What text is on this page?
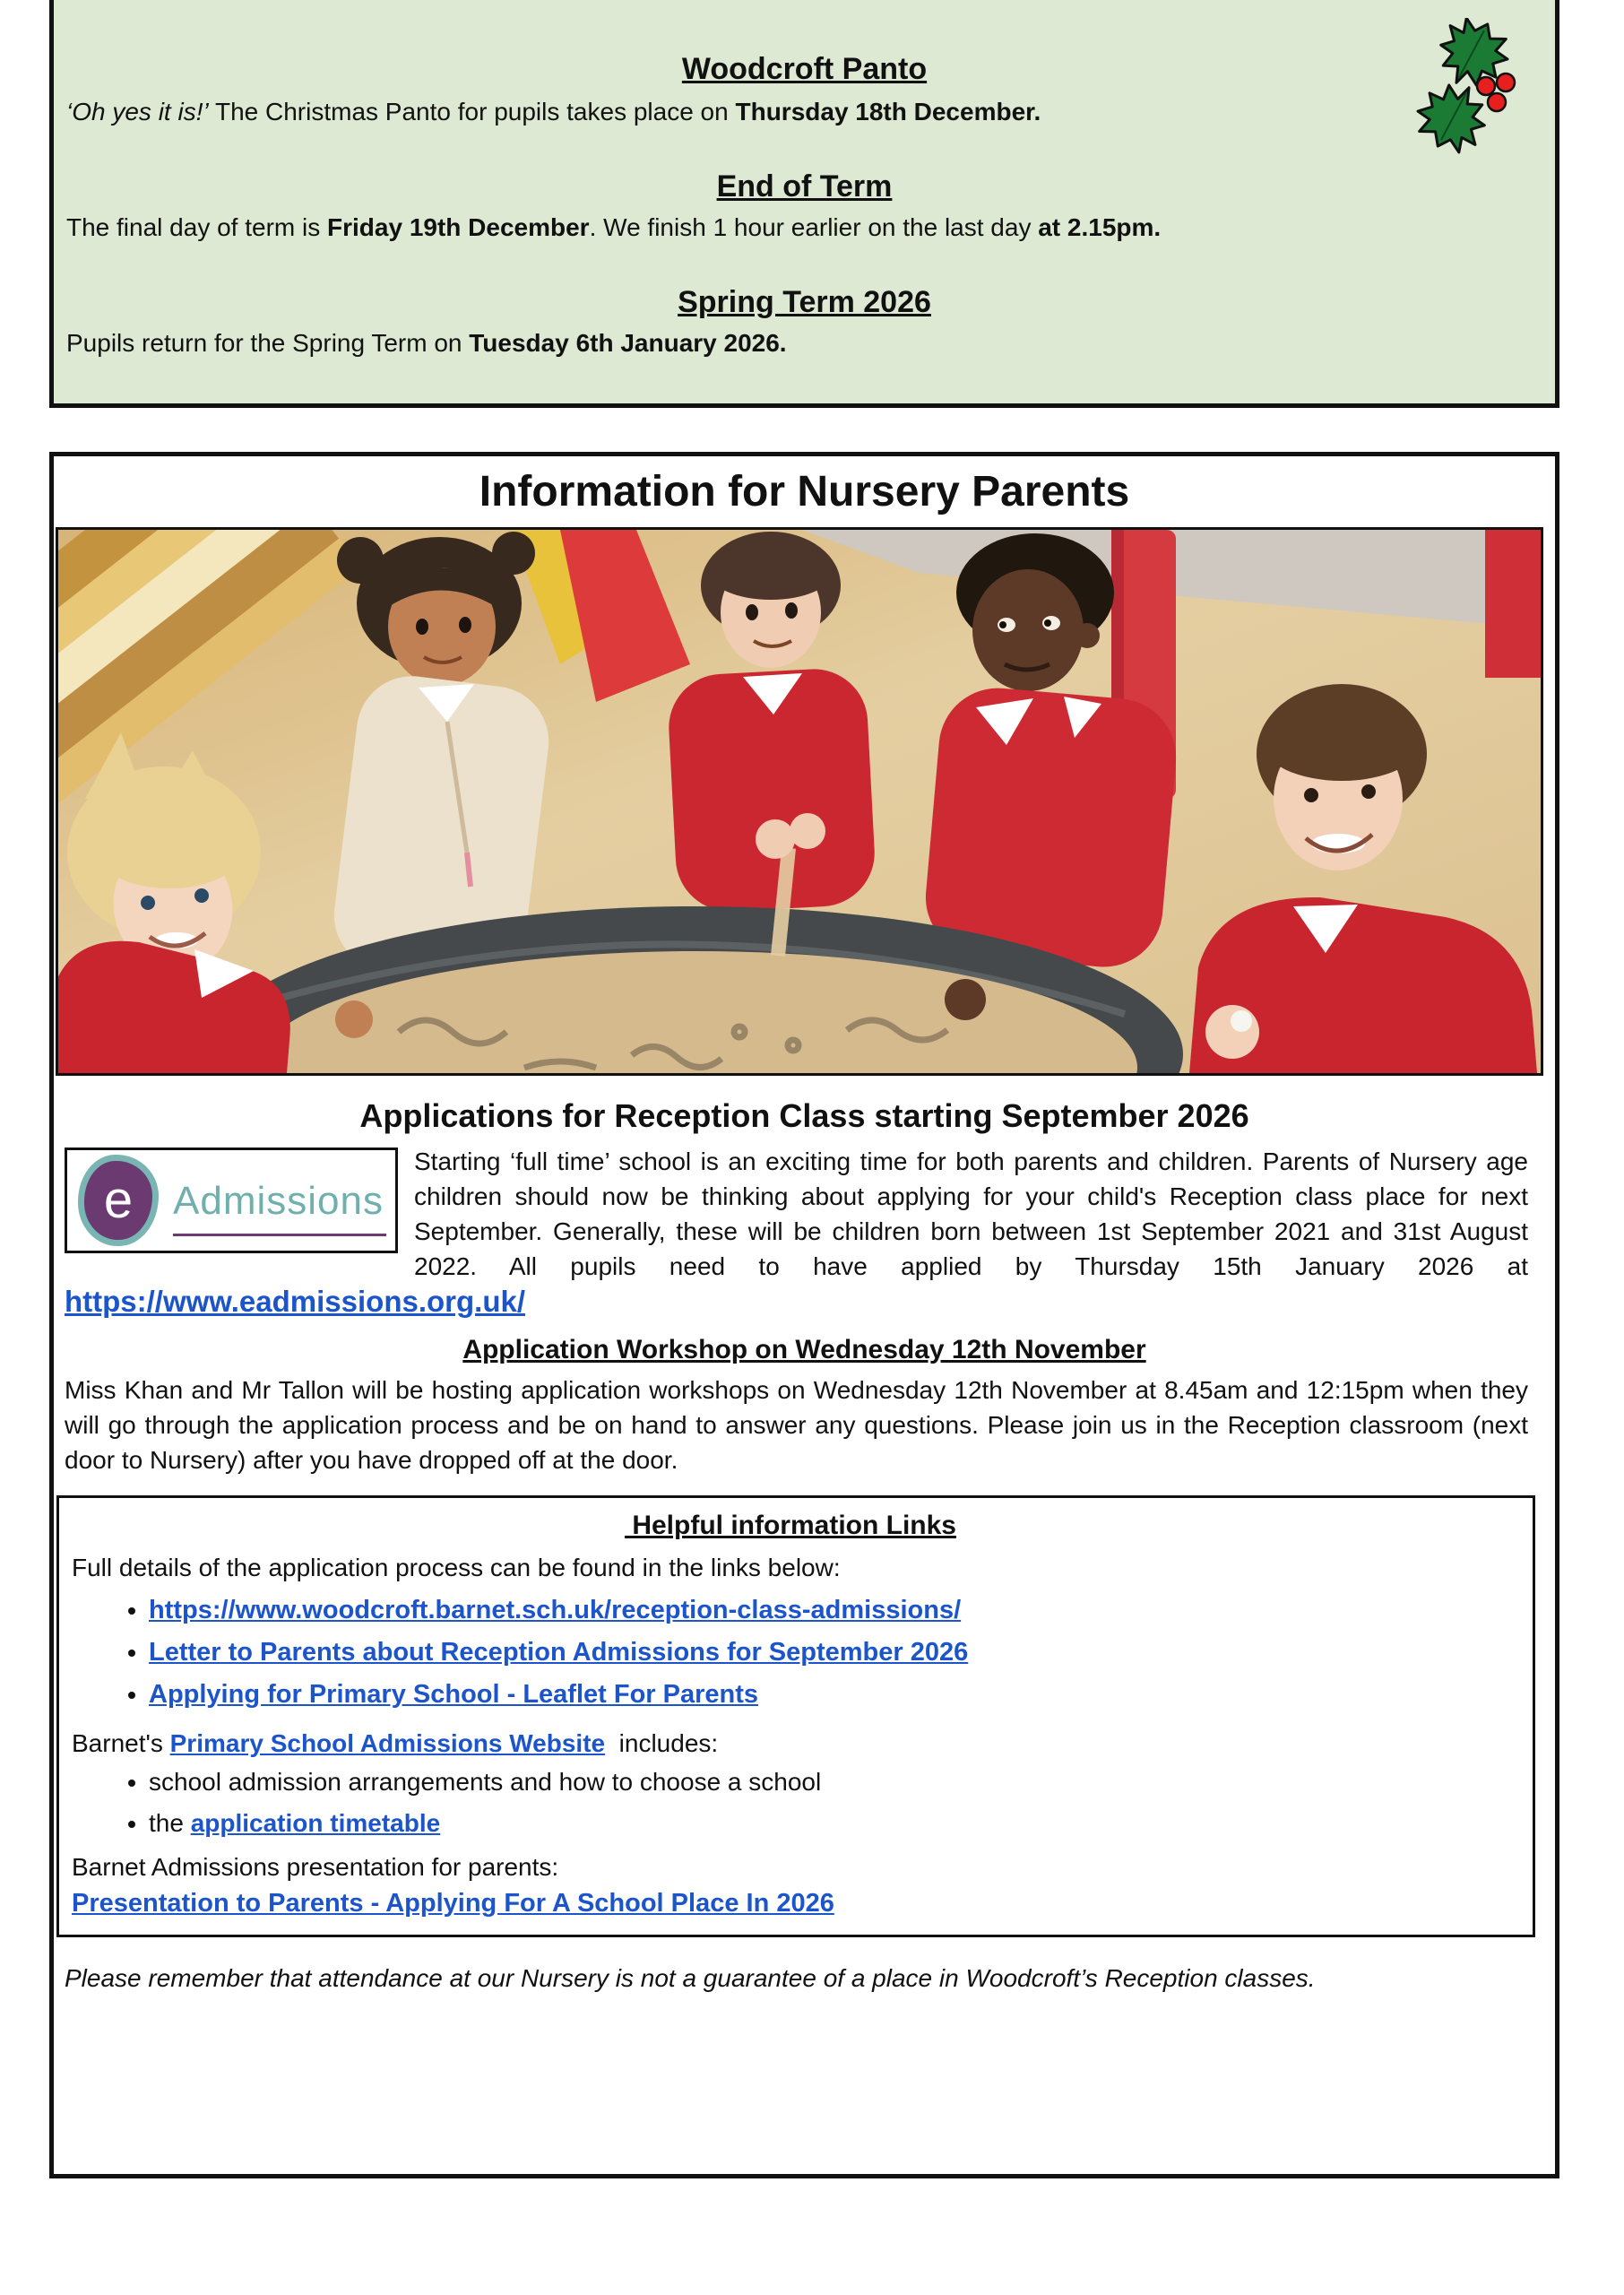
Woodcroft Panto

‘Oh yes it is!’ The Christmas Panto for pupils takes place on Thursday 18th December.

End of Term

The final day of term is Friday 19th December. We finish 1 hour earlier on the last day at 2.15pm.

Spring Term 2026

Pupils return for the Spring Term on Tuesday 6th January 2026.

Information for Nursery Parents
Applications for Reception Class starting September 2026
e Admissions
Starting ‘full time’ school is an exciting time for both parents and children. Parents of Nursery age children should now be thinking about applying for your child's Reception class place for next September. Generally, these will be children born between 1st September 2021 and 31st August 2022. All pupils need to have applied by Thursday 15th January 2026 at https://www.eadmissions.org.uk/
Application Workshop on Wednesday 12th November

Miss Khan and Mr Tallon will be hosting application workshops on Wednesday 12th November at 8.45am and 12:15pm when they will go through the application process and be on hand to answer any questions. Please join us in the Reception classroom (next door to Nursery) after you have dropped off at the door.

Helpful information Links

Full details of the application process can be found in the links below:

• https://www.woodcroft.barnet.sch.uk/reception-class-admissions/
• Letter to Parents about Reception Admissions for September 2026
• Applying for Primary School - Leaflet For Parents

Barnet's Primary School Admissions Website  includes:

• school admission arrangements and how to choose a school
• the application timetable

Barnet Admissions presentation for parents:

Presentation to Parents - Applying For A School Place In 2026

Please remember that attendance at our Nursery is not a guarantee of a place in Woodcroft’s Reception classes.
